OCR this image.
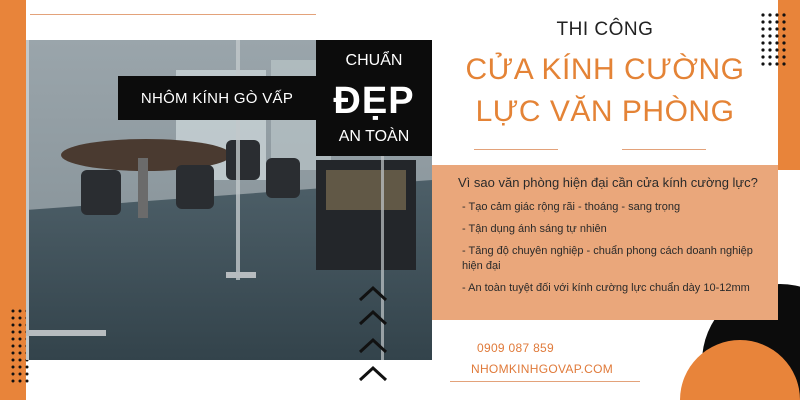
NHÔM KÍNH GÒ VẤP
CHUẨN
ĐẸP
AN TOÀN
THI CÔNG
CỬA KÍNH CƯỜNG
LỰC VĂN PHÒNG
Vì sao văn phòng hiện đại cần cửa kính cường lực?
- Tạo cảm giác rộng rãi - thoáng - sang trọng
- Tận dụng ánh sáng tự nhiên
- Tăng độ chuyên nghiệp - chuẩn phong cách doanh nghiệp hiện đại
- An toàn tuyệt đối với kính cường lực chuẩn dày 10-12mm
0909 087 859
NHOMKINHGOVAP.COM
